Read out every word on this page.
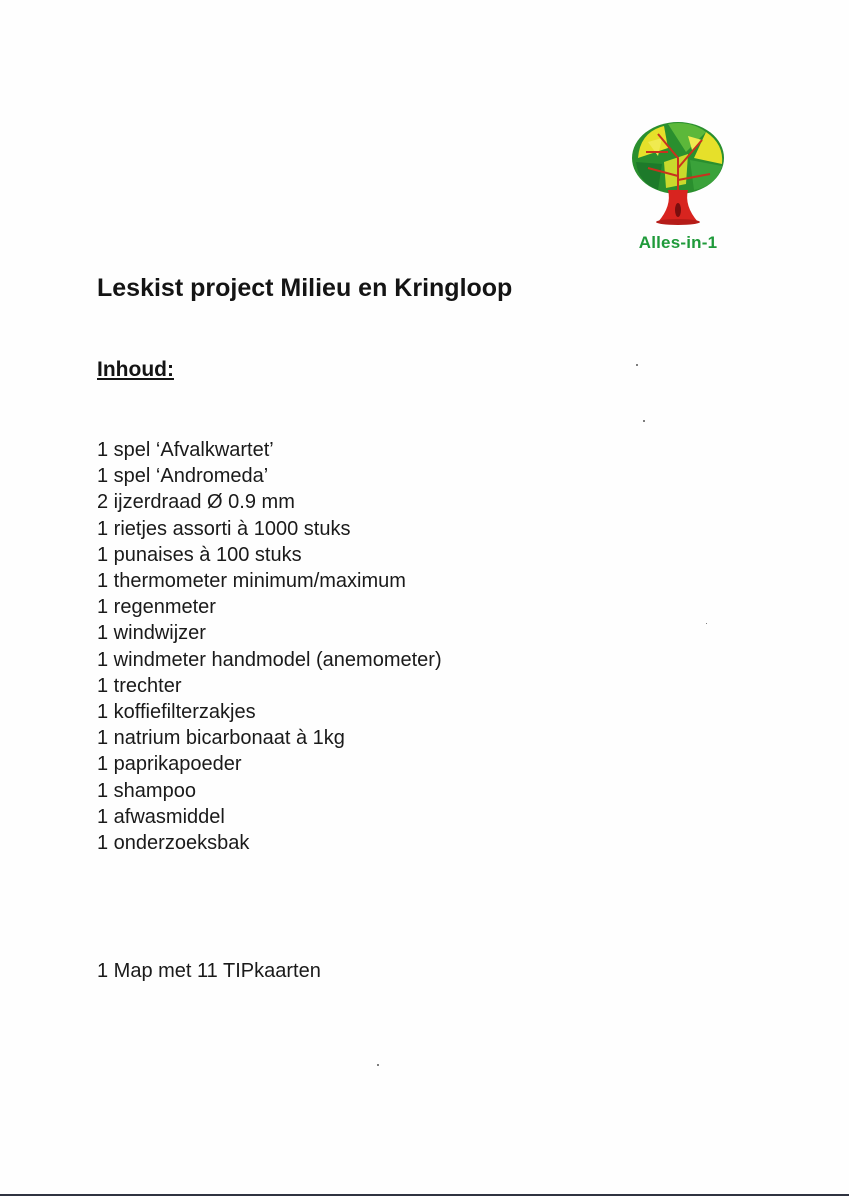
Alles-in-1
Leskist project Milieu en Kringloop
Inhoud:
1 spel ‘Afvalkwartet’
1 spel ‘Andromeda’
2 ijzerdraad Ø 0.9 mm
1 rietjes assorti à 1000 stuks
1 punaises à 100 stuks
1 thermometer minimum/maximum
1 regenmeter
1 windwijzer
1 windmeter handmodel (anemometer)
1 trechter
1 koffiefilterzakjes
1 natrium bicarbonaat à 1kg
1 paprikapoeder
1 shampoo
1 afwasmiddel
1 onderzoeksbak
1 Map met 11 TIPkaarten
